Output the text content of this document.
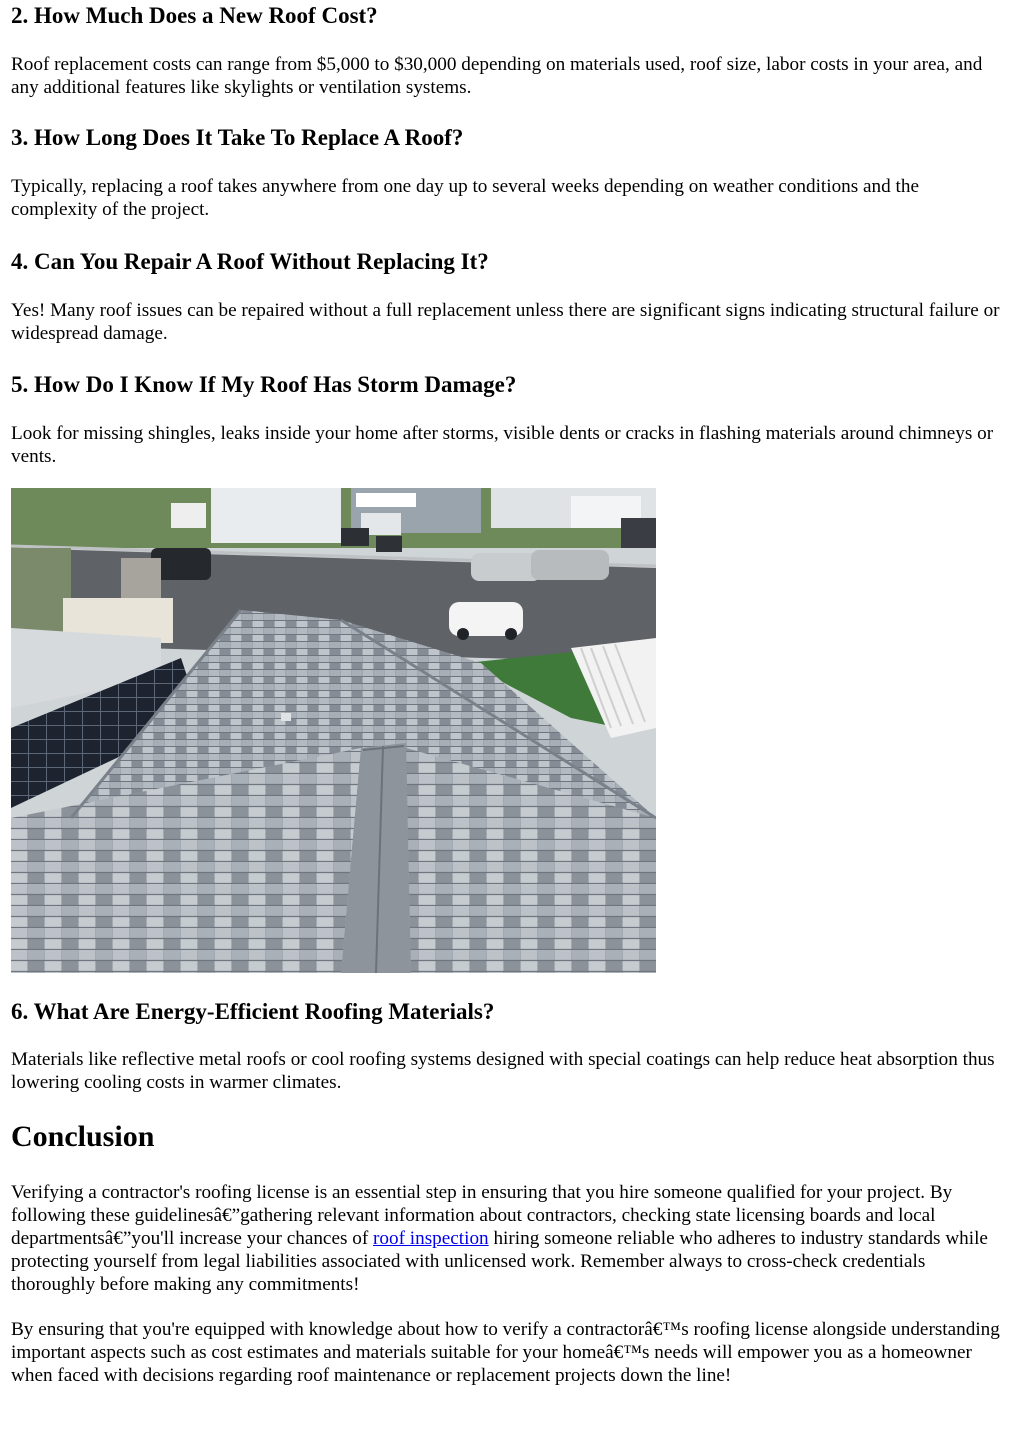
2. How Much Does a New Roof Cost?

Roof replacement costs can range from $5,000 to $30,000 depending on materials used, roof size, labor costs in your area, and any additional features like skylights or ventilation systems.

3. How Long Does It Take To Replace A Roof?

Typically, replacing a roof takes anywhere from one day up to several weeks depending on weather conditions and the complexity of the project.

4. Can You Repair A Roof Without Replacing It?

Yes! Many roof issues can be repaired without a full replacement unless there are significant signs indicating structural failure or widespread damage.

5. How Do I Know If My Roof Has Storm Damage?

Look for missing shingles, leaks inside your home after storms, visible dents or cracks in flashing materials around chimneys or vents.

6. What Are Energy-Efficient Roofing Materials?

Materials like reflective metal roofs or cool roofing systems designed with special coatings can help reduce heat absorption thus lowering cooling costs in warmer climates.

Conclusion

Verifying a contractor's roofing license is an essential step in ensuring that you hire someone qualified for your project. By following these guidelinesâ€”gathering relevant information about contractors, checking state licensing boards and local departmentsâ€”you'll increase your chances of roof inspection hiring someone reliable who adheres to industry standards while protecting yourself from legal liabilities associated with unlicensed work. Remember always to cross-check credentials thoroughly before making any commitments!

By ensuring that you're equipped with knowledge about how to verify a contractorâ€™s roofing license alongside understanding important aspects such as cost estimates and materials suitable for your homeâ€™s needs will empower you as a homeowner when faced with decisions regarding roof maintenance or replacement projects down the line!
